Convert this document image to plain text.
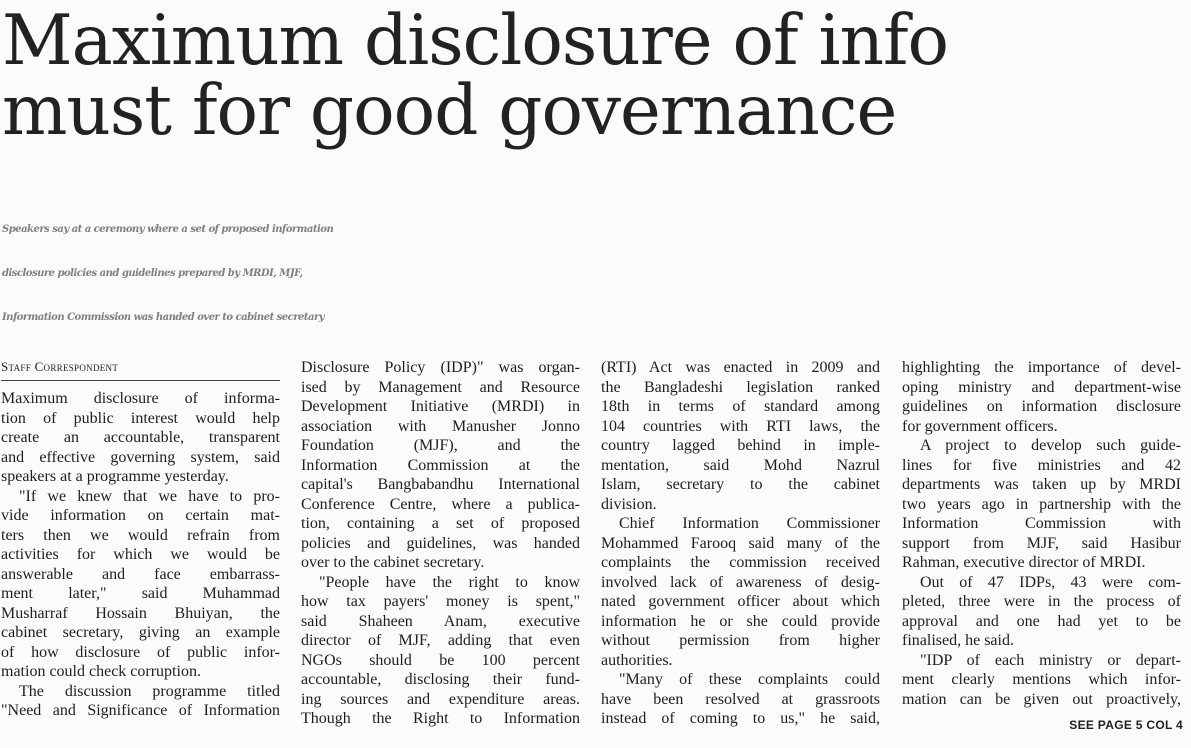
Maximum disclosure of info
must for good governance
Speakers say at a ceremony where a set of proposed information
disclosure policies and guidelines prepared by MRDI, MJF,
Information Commission was handed over to cabinet secretary
Staff Correspondent
Maximum disclosure of informa-
tion of public interest would help
create an accountable, transparent
and effective governing system, said
speakers at a programme yesterday.
"If we knew that we have to pro-
vide information on certain mat-
ters then we would refrain from
activities for which we would be
answerable and face embarrass-
ment later," said Muhammad
Musharraf Hossain Bhuiyan, the
cabinet secretary, giving an example
of how disclosure of public infor-
mation could check corruption.
The discussion programme titled
"Need and Significance of Information
Disclosure Policy (IDP)" was organ-
ised by Management and Resource
Development Initiative (MRDI) in
association with Manusher Jonno
Foundation (MJF), and the
Information Commission at the
capital's Bangbabandhu International
Conference Centre, where a publica-
tion, containing a set of proposed
policies and guidelines, was handed
over to the cabinet secretary.
"People have the right to know
how tax payers' money is spent,"
said Shaheen Anam, executive
director of MJF, adding that even
NGOs should be 100 percent
accountable, disclosing their fund-
ing sources and expenditure areas.
Though the Right to Information
(RTI) Act was enacted in 2009 and
the Bangladeshi legislation ranked
18th in terms of standard among
104 countries with RTI laws, the
country lagged behind in imple-
mentation, said Mohd Nazrul
Islam, secretary to the cabinet
division.
Chief Information Commissioner
Mohammed Farooq said many of the
complaints the commission received
involved lack of awareness of desig-
nated government officer about which
information he or she could provide
without permission from higher
authorities.
"Many of these complaints could
have been resolved at grassroots
instead of coming to us," he said,
highlighting the importance of devel-
oping ministry and department-wise
guidelines on information disclosure
for government officers.
A project to develop such guide-
lines for five ministries and 42
departments was taken up by MRDI
two years ago in partnership with the
Information Commission with
support from MJF, said Hasibur
Rahman, executive director of MRDI.
Out of 47 IDPs, 43 were com-
pleted, three were in the process of
approval and one had yet to be
finalised, he said.
"IDP of each ministry or depart-
ment clearly mentions which infor-
mation can be given out proactively,
SEE PAGE 5 COL 4
